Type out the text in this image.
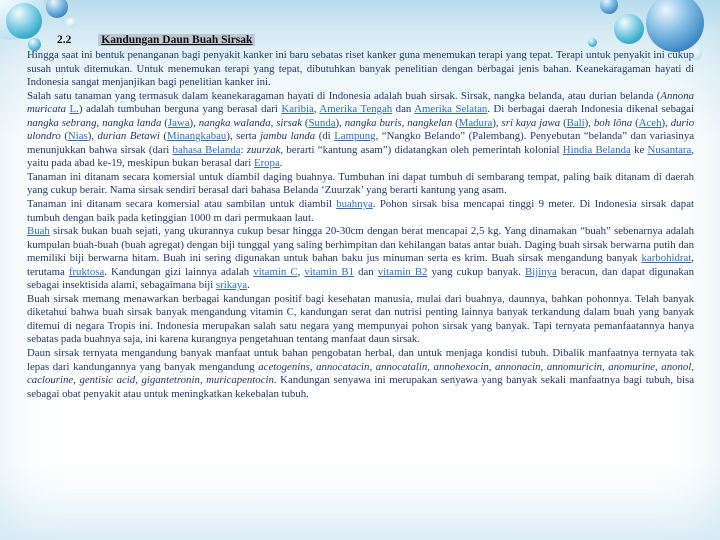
2.2	Kandungan Daun Buah Sirsak

Hingga saat ini bentuk penanganan bagi penyakit kanker ini baru sebatas riset kanker guna menemukan terapi yang tepat. Terapi untuk penyakit ini cukup susah untuk ditemukan. Untuk menemukan terapi yang tepat, dibutuhkan banyak penelitian dengan berbagai jenis bahan. Keanekaragaman hayati di Indonesia sangat menjanjikan bagi penelitian kanker ini.

Salah satu tanaman yang termasuk dalam keanekaragaman hayati di Indonesia adalah buah sirsak. Sirsak, nangka belanda, atau durian belanda (Annona muricata L.) adalah tumbuhan berguna yang berasal dari Karibia, Amerika Tengah dan Amerika Selatan. Di berbagai daerah Indonesia dikenal sebagai nangka sebrang, nangka landa (Jawa), nangka walanda, sirsak (Sunda), nangka buris, nangkelan (Madura), sri kaya jawa (Bali), boh lôna (Aceh), durio ulondro (Nias), durian Betawi (Minangkabau), serta jambu landa (di Lampung, “Nangko Belando” (Palembang). Penyebutan “belanda” dan variasinya menunjukkan bahwa sirsak (dari bahasa Belanda: zuurzak, berarti “kantung asam”) didatangkan oleh pemerintah kolonial Hindia Belanda ke Nusantara, yaitu pada abad ke-19, meskipun bukan berasal dari Eropa.

Tanaman ini ditanam secara komersial untuk diambil daging buahnya. Tumbuhan ini dapat tumbuh di sembarang tempat, paling baik ditanam di daerah yang cukup berair. Nama sirsak sendiri berasal dari bahasa Belanda ‘Zuurzak’ yang berarti kantung yang asam.

Tanaman ini ditanam secara komersial atau sambilan untuk diambil buahnya. Pohon sirsak bisa mencapai tinggi 9 meter. Di Indonesia sirsak dapat tumbuh dengan baik pada ketinggian 1000 m dari permukaan laut.

Buah sirsak bukan buah sejati, yang ukurannya cukup besar hingga 20-30cm dengan berat mencapai 2,5 kg. Yang dinamakan “buah” sebenarnya adalah kumpulan buah-buah (buah agregat) dengan biji tunggal yang saling berhimpitan dan kehilangan batas antar buah. Daging buah sirsak berwarna putih dan memiliki biji berwarna hitam. Buah ini sering digunakan untuk bahan baku jus minuman serta es krim. Buah sirsak mengandung banyak karbohidrat, terutama fruktosa. Kandungan gizi lainnya adalah vitamin C, vitamin B1 dan vitamin B2 yang cukup banyak. Bijinya beracun, dan dapat digunakan sebagai insektisida alami, sebagaimana biji srikaya.

Buah sirsak memang menawarkan berbagai kandungan positif bagi kesehatan manusia, mulai dari buahnya, daunnya, bahkan pohonnya. Telah banyak diketahui bahwa buah sirsak banyak mengandung vitamin C, kandungan serat dan nutrisi penting lainnya banyak terkandung dalam buah yang banyak ditemui di negara Tropis ini. Indonesia merupakan salah satu negara yang mempunyai pohon sirsak yang banyak. Tapi ternyata pemanfaatannya hanya sebatas pada buahnya saja, ini karena kurangnya pengetahuan tentang manfaat daun sirsak.

Daun sirsak ternyata mengandung banyak manfaat untuk bahan pengobatan herbal, dan untuk menjaga kondisi tubuh. Dibalik manfaatnya ternyata tak lepas dari kandungannya yang banyak mengandung acetogenins, annocatacin, annocatalin, annohexocin, annonacin, annomuricin, anomurine, anonol, caclourine, gentisic acid, gigantetronin, muricapentocin. Kandungan senyawa ini merupakan senyawa yang banyak sekali manfaatnya bagi tubuh, bisa sebagai obat penyakit atau untuk meningkatkan kekebalan tubuh.
